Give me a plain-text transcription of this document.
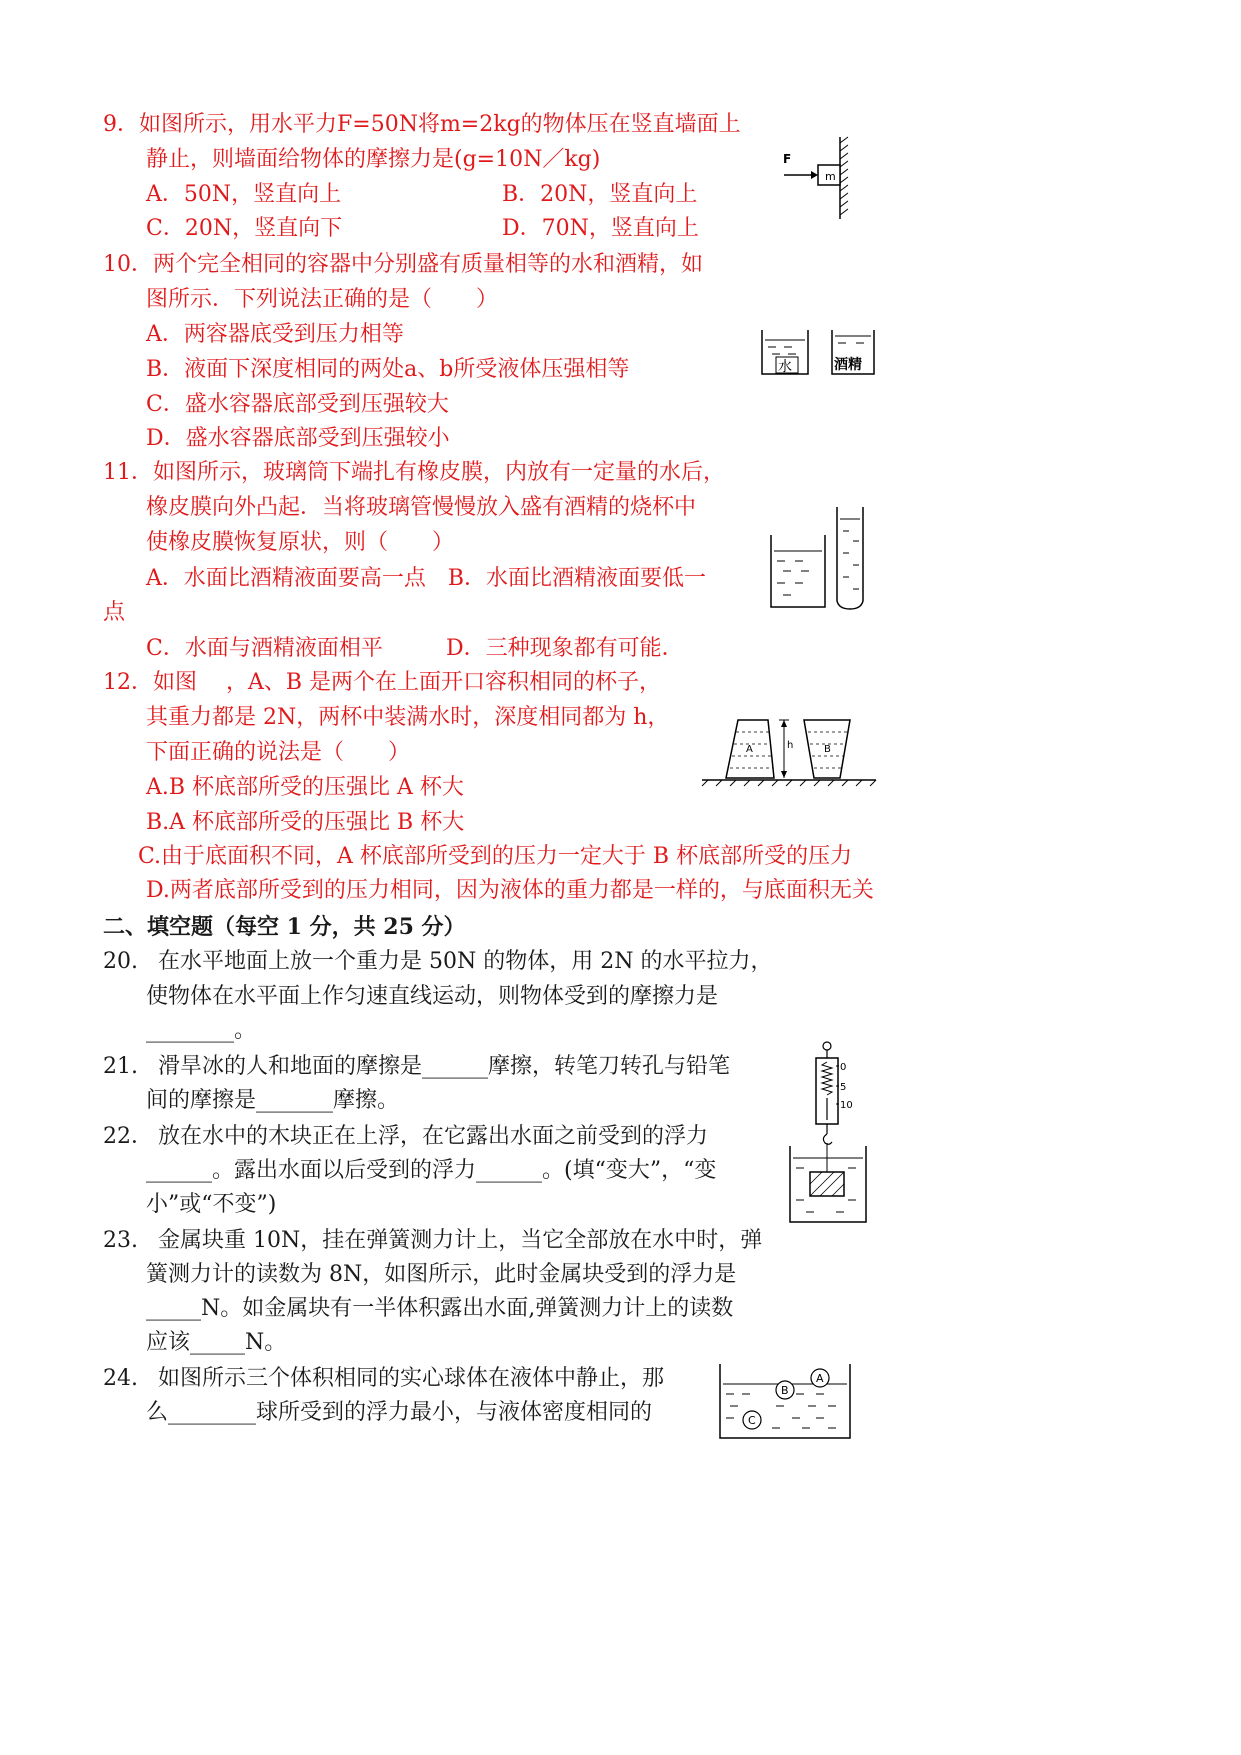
9．如图所示，用水平力F=50N将m=2kg的物体压在竖直墙面上
静止，则墙面给物体的摩擦力是(g=10N／kg)
A．50N，竖直向上	B．20N，竖直向上
C．20N，竖直向下	D．70N，竖直向上
F
m
10．两个完全相同的容器中分别盛有质量相等的水和酒精，如
图所示．下列说法正确的是（　　）
A．两容器底受到压力相等
B．液面下深度相同的两处a、b所受液体压强相等
C．盛水容器底部受到压强较大
D．盛水容器底部受到压强较小
水	酒精
11．如图所示，玻璃筒下端扎有橡皮膜，内放有一定量的水后，
橡皮膜向外凸起．当将玻璃管慢慢放入盛有酒精的烧杯中
使橡皮膜恢复原状，则（　　）
A．水面比酒精液面要高一点　B．水面比酒精液面要低一
点
C．水面与酒精液面相平	D．三种现象都有可能．
12．如图 ，A、B 是两个在上面开口容积相同的杯子，
其重力都是 2N，两杯中装满水时，深度相同都为 h，
下面正确的说法是（　　）
A.B 杯底部所受的压强比 A 杯大
B.A 杯底部所受的压强比 B 杯大
C.由于底面积不同，A 杯底部所受到的压力一定大于 B 杯底部所受的压力
D.两者底部所受到的压力相同，因为液体的重力都是一样的，与底面积无关
A	B
h
二、填空题（每空 1 分，共 25 分）
20. 在水平地面上放一个重力是 50N 的物体，用 2N 的水平拉力，
使物体在水平面上作匀速直线运动，则物体受到的摩擦力是
________。
21. 滑旱冰的人和地面的摩擦是______摩擦，转笔刀转孔与铅笔
间的摩擦是_______摩擦。
22． 放在水中的木块正在上浮，在它露出水面之前受到的浮力
______。露出水面以后受到的浮力______。(填“变大”，“变
小”或“不变”)
0
5
10
23. 金属块重 10N，挂在弹簧测力计上，当它全部放在水中时，弹
簧测力计的读数为 8N，如图所示，此时金属块受到的浮力是
_____N。如金属块有一半体积露出水面,弹簧测力计上的读数
应该_____N。
24. 如图所示三个体积相同的实心球体在液体中静止，那
么________球所受到的浮力最小，与液体密度相同的
A
B
C
